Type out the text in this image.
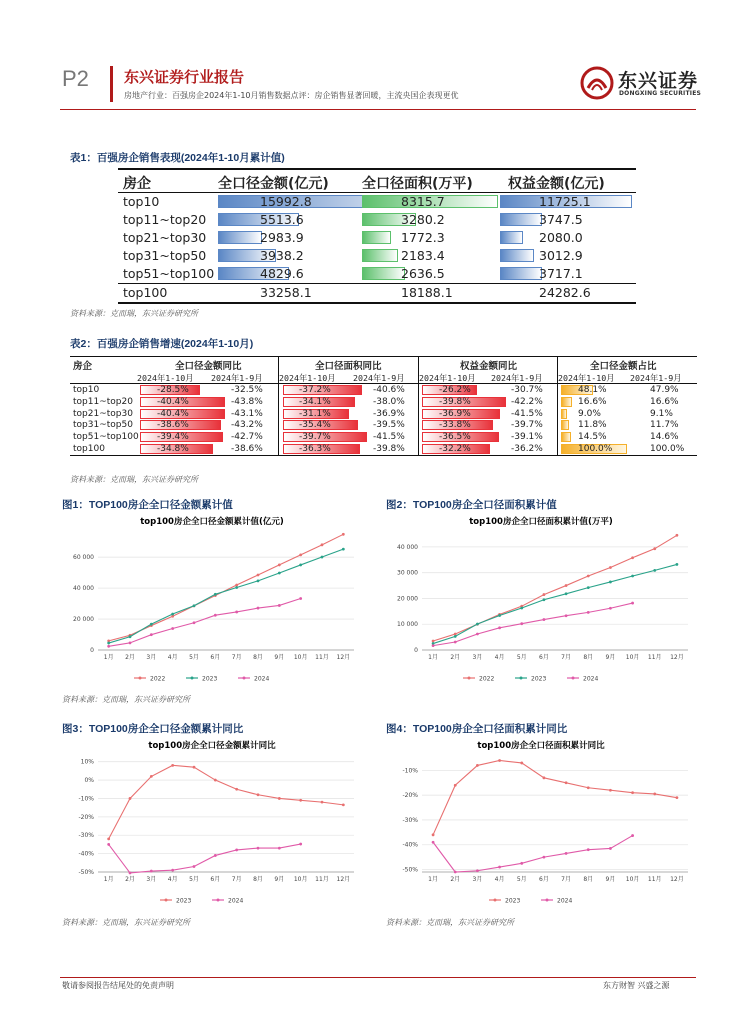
P2 东兴证券行业报告
房地产行业：百强房企2024年1-10月销售数据点评：房企销售显著回暖，主流央国企表现更优
东兴证券
DONGXING SECURITIES
表1：百强房企销售表现(2024年1-10月累计值)
房企	全口径金额(亿元) 全口径面积(万平)	权益金额(亿元)
top10	15992.8	8315.7	11725.1
top11~top20	5513.6	3280.2	3747.5
top21~top30	2983.9	1772.3	2080.0
top31~top50	3938.2	2183.4	3012.9
top51~top100	4829.6	2636.5	3717.1
top100	33258.1	18188.1	24282.6
资料来源：克而瑞，东兴证券研究所
表2：百强房企销售增速(2024年1-10月)
房企	全口径金额同比	全口径面积同比	权益金额同比	全口径金额占比
2024年1-10月 2024年1-9月 2024年1-10月 2024年1-9月 2024年1-10月 2024年1-9月 2024年1-10月 2024年1-9月
top10	-28.5%	-32.5%	-37.2%	-40.6%	-26.2%	-30.7%	48.1%	47.9%
top11~top20	-40.4%	-43.8%	-34.1%	-38.0%	-39.8%	-42.2%	16.6%	16.6%
top21~top30	-40.4%	-43.1%	-31.1%	-36.9%	-36.9%	-41.5%	9.0%	9.1%
top31~top50	-38.6%	-43.2%	-35.4%	-39.5%	-33.8%	-39.7%	11.8%	11.7%
top51~top100 -39.4%	-42.7%	-39.7%	-41.5%	-36.5%	-39.1%	14.5%	14.6%
top100	-34.8%	-38.6%	-36.3%	-39.8%	-32.2%	-36.2%	100.0%	100.0%
资料来源：克而瑞，东兴证券研究所
图1：TOP100房企全口径金额累计值	图2：TOP100房企全口径面积累计值
图3：TOP100房企全口径金额累计同比	图4：TOP100房企全口径面积累计同比
top100房企全口径金额累计值(亿元)
0
20 000
40 000
60 000
1月 2月 3月 4月 5月 6月 7月 8月 9月 10月 11月 12月
2022	2023	2024
top100房企全口径面积累计值(万平)
0
10 000
20 000
30 000
40 000
1月 2月 3月 4月 5月 6月 7月 8月 9月 10月 11月 12月
2022	2023	2024
top100房企全口径金额累计同比
10%
0%
-10%
-20%
-30%
-40%
-50%
1月 2月 3月 4月 5月 6月 7月 8月 9月 10月 11月 12月
2023	2024
top100房企全口径面积累计同比
-10%
-20%
-30%
-40%
-50%
1月 2月 3月 4月 5月 6月 7月 8月 9月 10月 11月 12月
2023	2024
资料来源：克而瑞，东兴证券研究所
资料来源：克而瑞，东兴证券研究所	资料来源：克而瑞，东兴证券研究所
敬请参阅报告结尾处的免责声明	东方财智 兴盛之源
